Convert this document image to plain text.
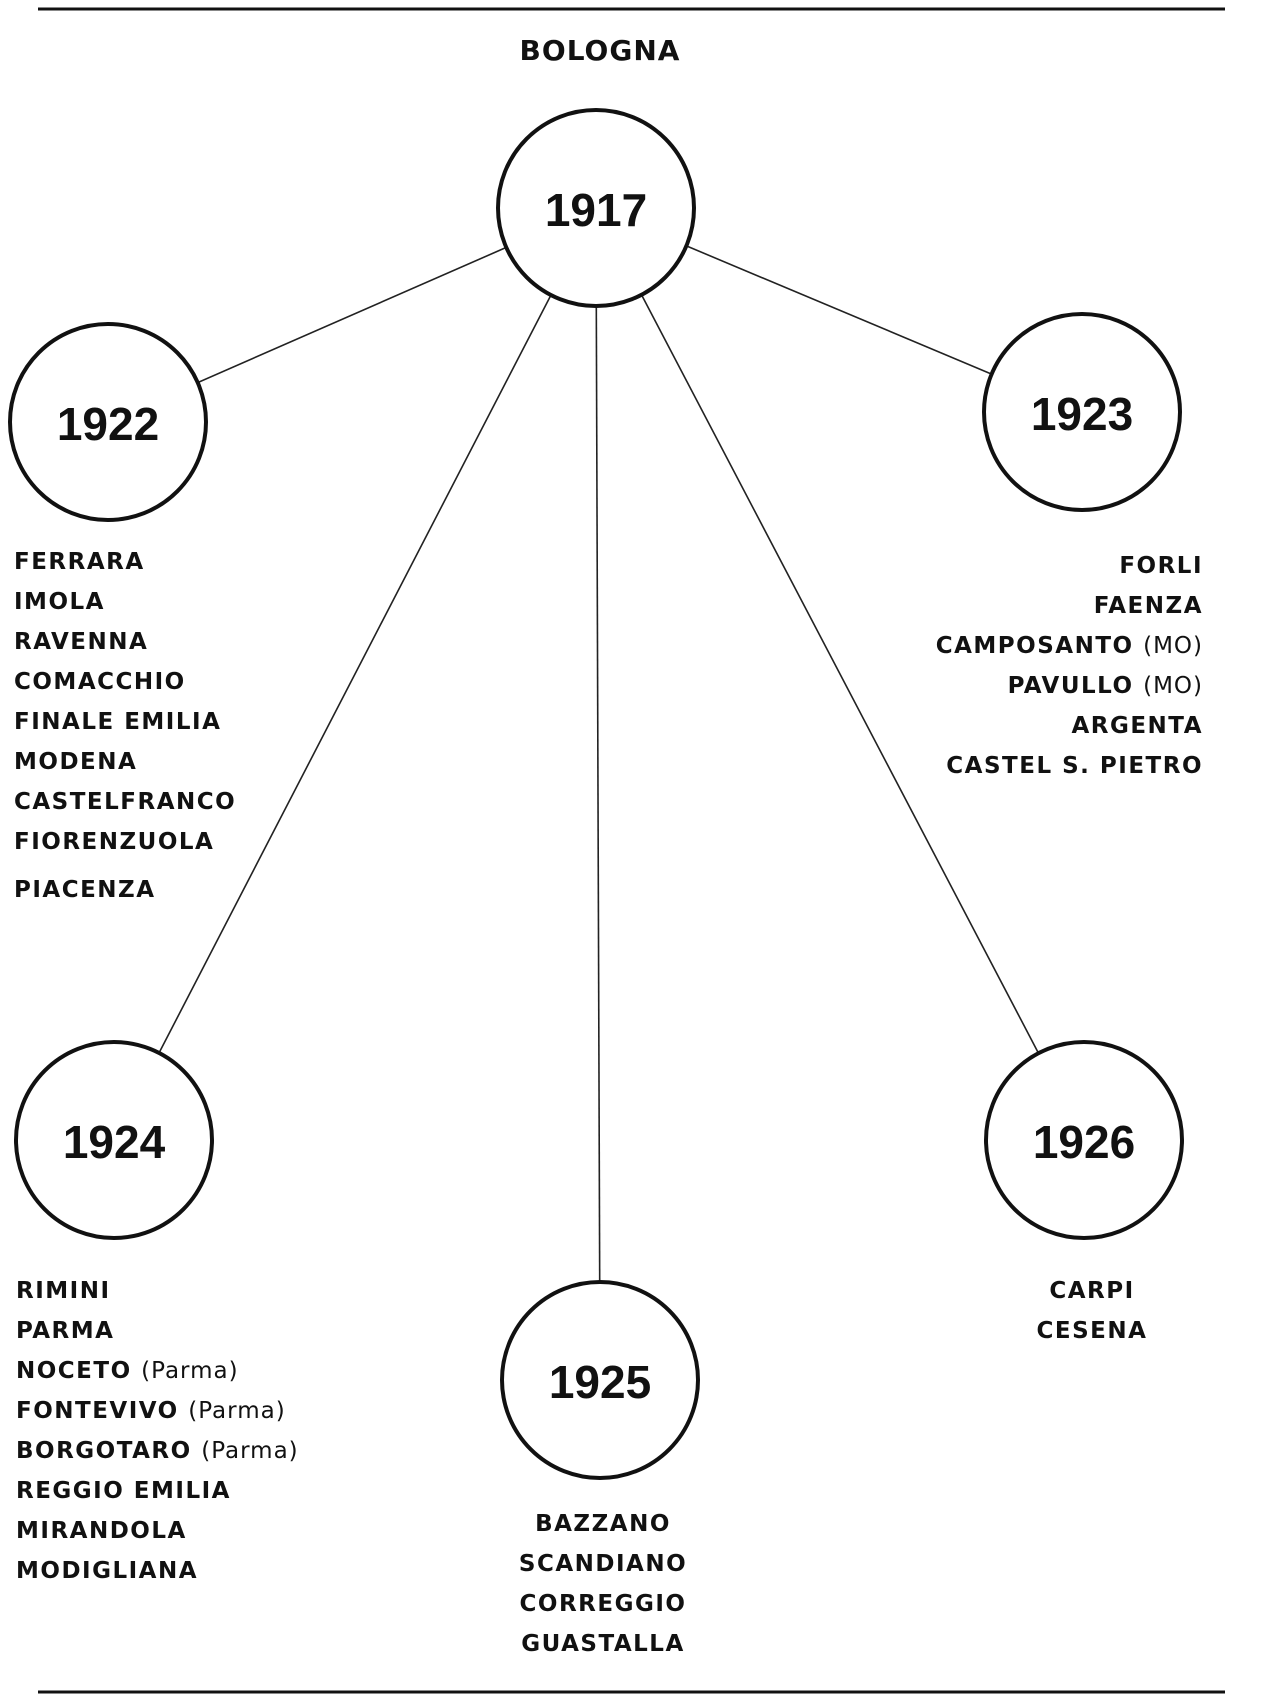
1917
1922	1923
1924
1925
1926
BOLOGNA
FERRARA
IMOLA
RAVENNA
COMACCHIO
FINALE EMILIA
MODENA
CASTELFRANCO
FIORENZUOLA
PIACENZA
FORLI
FAENZA
CAMPOSANTO (MO)
PAVULLO (MO)
ARGENTA
CASTEL S. PIETRO
RIMINI
PARMA
NOCETO (Parma)
FONTEVIVO (Parma)
BORGOTARO (Parma)
REGGIO EMILIA
MIRANDOLA
MODIGLIANA
BAZZANO
SCANDIANO
CORREGGIO
GUASTALLA
CARPI
CESENA
